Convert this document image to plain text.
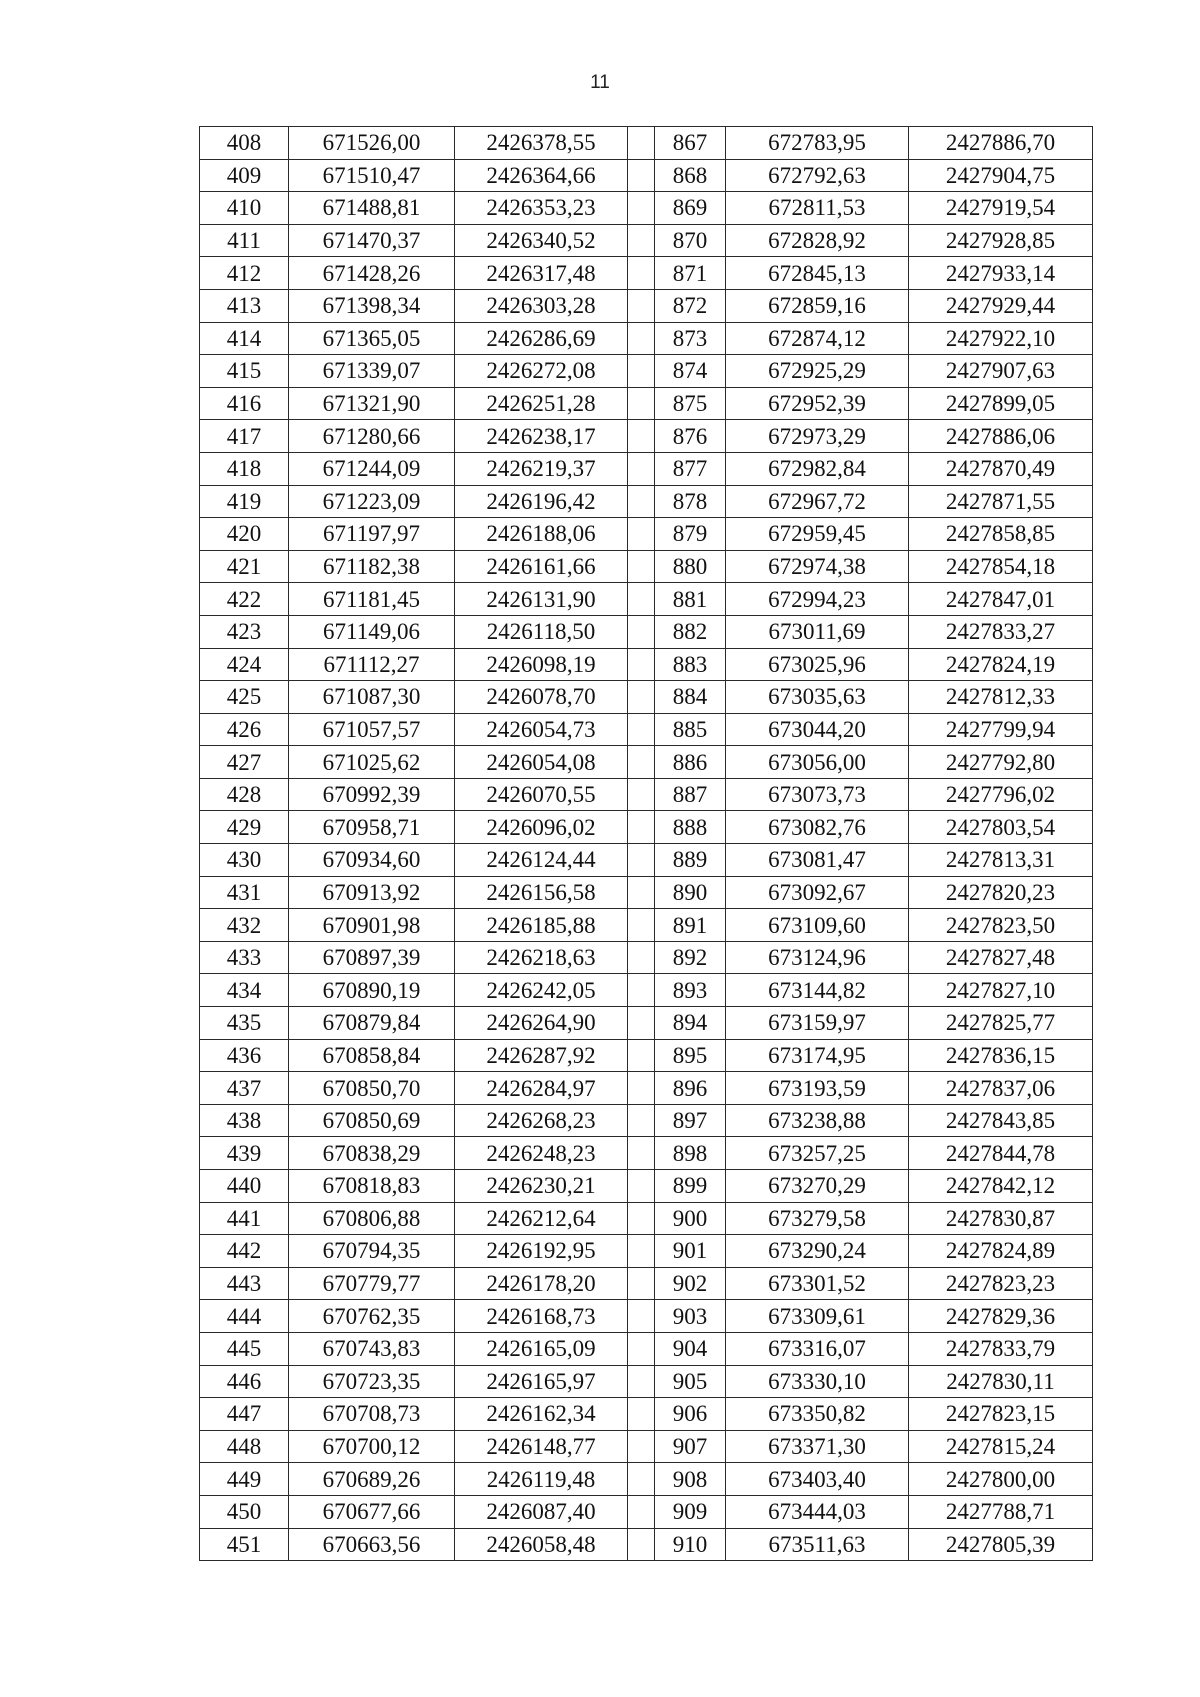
11
408	671526,00	2426378,55		867	672783,95	2427886,70
409	671510,47	2426364,66		868	672792,63	2427904,75
410	671488,81	2426353,23		869	672811,53	2427919,54
411	671470,37	2426340,52		870	672828,92	2427928,85
412	671428,26	2426317,48		871	672845,13	2427933,14
413	671398,34	2426303,28		872	672859,16	2427929,44
414	671365,05	2426286,69		873	672874,12	2427922,10
415	671339,07	2426272,08		874	672925,29	2427907,63
416	671321,90	2426251,28		875	672952,39	2427899,05
417	671280,66	2426238,17		876	672973,29	2427886,06
418	671244,09	2426219,37		877	672982,84	2427870,49
419	671223,09	2426196,42		878	672967,72	2427871,55
420	671197,97	2426188,06		879	672959,45	2427858,85
421	671182,38	2426161,66		880	672974,38	2427854,18
422	671181,45	2426131,90		881	672994,23	2427847,01
423	671149,06	2426118,50		882	673011,69	2427833,27
424	671112,27	2426098,19		883	673025,96	2427824,19
425	671087,30	2426078,70		884	673035,63	2427812,33
426	671057,57	2426054,73		885	673044,20	2427799,94
427	671025,62	2426054,08		886	673056,00	2427792,80
428	670992,39	2426070,55		887	673073,73	2427796,02
429	670958,71	2426096,02		888	673082,76	2427803,54
430	670934,60	2426124,44		889	673081,47	2427813,31
431	670913,92	2426156,58		890	673092,67	2427820,23
432	670901,98	2426185,88		891	673109,60	2427823,50
433	670897,39	2426218,63		892	673124,96	2427827,48
434	670890,19	2426242,05		893	673144,82	2427827,10
435	670879,84	2426264,90		894	673159,97	2427825,77
436	670858,84	2426287,92		895	673174,95	2427836,15
437	670850,70	2426284,97		896	673193,59	2427837,06
438	670850,69	2426268,23		897	673238,88	2427843,85
439	670838,29	2426248,23		898	673257,25	2427844,78
440	670818,83	2426230,21		899	673270,29	2427842,12
441	670806,88	2426212,64		900	673279,58	2427830,87
442	670794,35	2426192,95		901	673290,24	2427824,89
443	670779,77	2426178,20		902	673301,52	2427823,23
444	670762,35	2426168,73		903	673309,61	2427829,36
445	670743,83	2426165,09		904	673316,07	2427833,79
446	670723,35	2426165,97		905	673330,10	2427830,11
447	670708,73	2426162,34		906	673350,82	2427823,15
448	670700,12	2426148,77		907	673371,30	2427815,24
449	670689,26	2426119,48		908	673403,40	2427800,00
450	670677,66	2426087,40		909	673444,03	2427788,71
451	670663,56	2426058,48		910	673511,63	2427805,39
